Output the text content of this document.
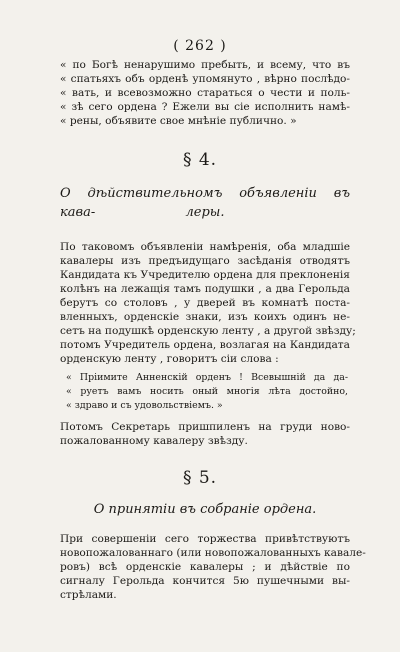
( 262 )
« по Богѣ ненарушимо пребыть, и всему, что въ
« спатьяхъ объ орденѣ упомянуто , вѣрно послѣдо-
« вать, и всевозможно стараться о чести и поль-
« зѣ сего ордена ? Ежели вы сіе исполнить намѣ-
« рены, объявите свое мнѣніе публично. »
§ 4.
О дѣйствительномъ объявленіи въ кава-	леры.
По таковомъ объявленіи намѣренія, оба младшіе
кавалеры изъ предъидущаго засѣданія отводятъ
Кандидата къ Учредителю ордена для преклоненія
колѣнъ на лежащія тамъ подушки , а два Герольда
берутъ со столовъ , у дверей въ комнатѣ поста-
вленныхъ, орденскіе знаки, изъ коихъ одинъ не-
сетъ на подушкѣ орденскую ленту , а другой звѣзду;
потомъ Учредитель ордена, возлагая на Кандидата
орденскую ленту , говоритъ сіи слова :
« Пріимите Анненскій орденъ ! Всевышній да да-
« руетъ вамъ носить оный многія лѣта достойно,
« здраво и съ удовольствіемъ. »
Потомъ Секретарь пришпиленъ на груди ново-
пожалованному кавалеру звѣзду.
§ 5.
О принятіи въ собраніе ордена.
При совершеніи сего торжества привѣтствуютъ
новопожалованнаго (или новопожалованныхъ кавале-
ровъ) всѣ орденскіе кавалеры ; и дѣйствіе по
сигналу Герольда кончится 5ю пушечными вы-
стрѣлами.
